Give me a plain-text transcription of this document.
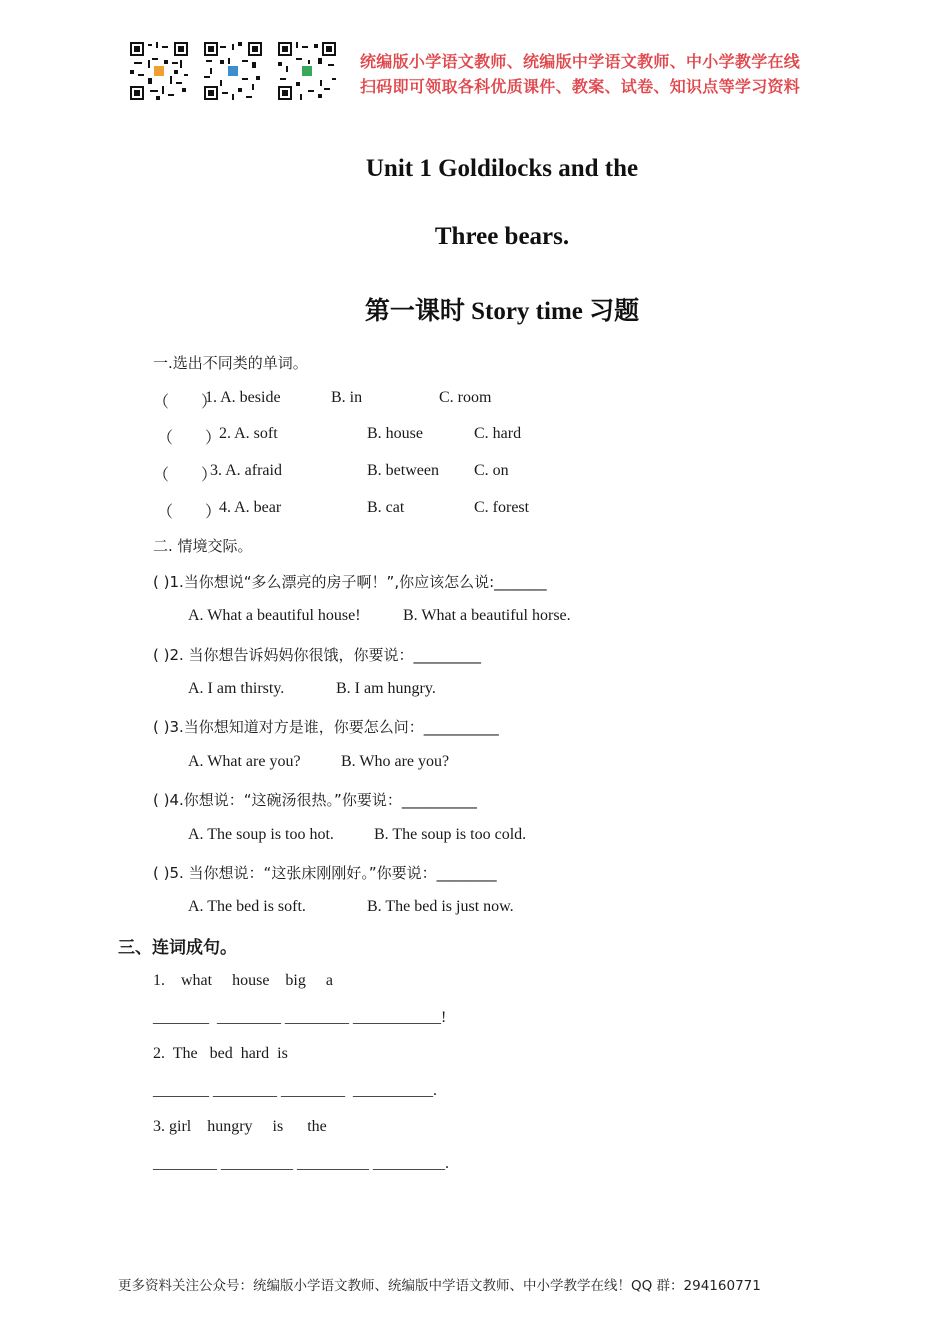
统编版小学语文教师、统编版中学语文教师、中小学教学在线
扫码即可领取各科优质课件、教案、试卷、知识点等学习资料
Unit 1 Goldilocks and the
Three bears.
第一课时 Story time 习题
一.选出不同类的单词。
（　　）
1. A. beside	B. in	C. room
（　　）
2. A. soft	B. house	C. hard
（　　）
3. A. afraid	B. between C. on
（　　）
4. A. bear	B. cat	C. forest
二. 情境交际。
( )1.当你想说“多么漂亮的房子啊！”,你应该怎么说:_______
A. What a beautiful house!	B. What a beautiful horse.
( )2. 当你想告诉妈妈你很饿，你要说：_________
A. I am thirsty.	B. I am hungry.
( )3.当你想知道对方是谁，你要怎么问：__________
A. What are you?	B. Who are you?
( )4.你想说：“这碗汤很热。”你要说：__________
A. The soup is too hot.	B. The soup is too cold.
( )5. 当你想说：“这张床刚刚好。”你要说：________
A. The bed is soft.	B. The bed is just now.
三、连词成句。
1.    what     house    big     a
_______  ________ ________ ___________!
2.  The   bed  hard  is
_______ ________ ________  __________.
3. girl    hungry     is      the
________ _________ _________ _________.
更多资料关注公众号：统编版小学语文教师、统编版中学语文教师、中小学教学在线！QQ 群：294160771
